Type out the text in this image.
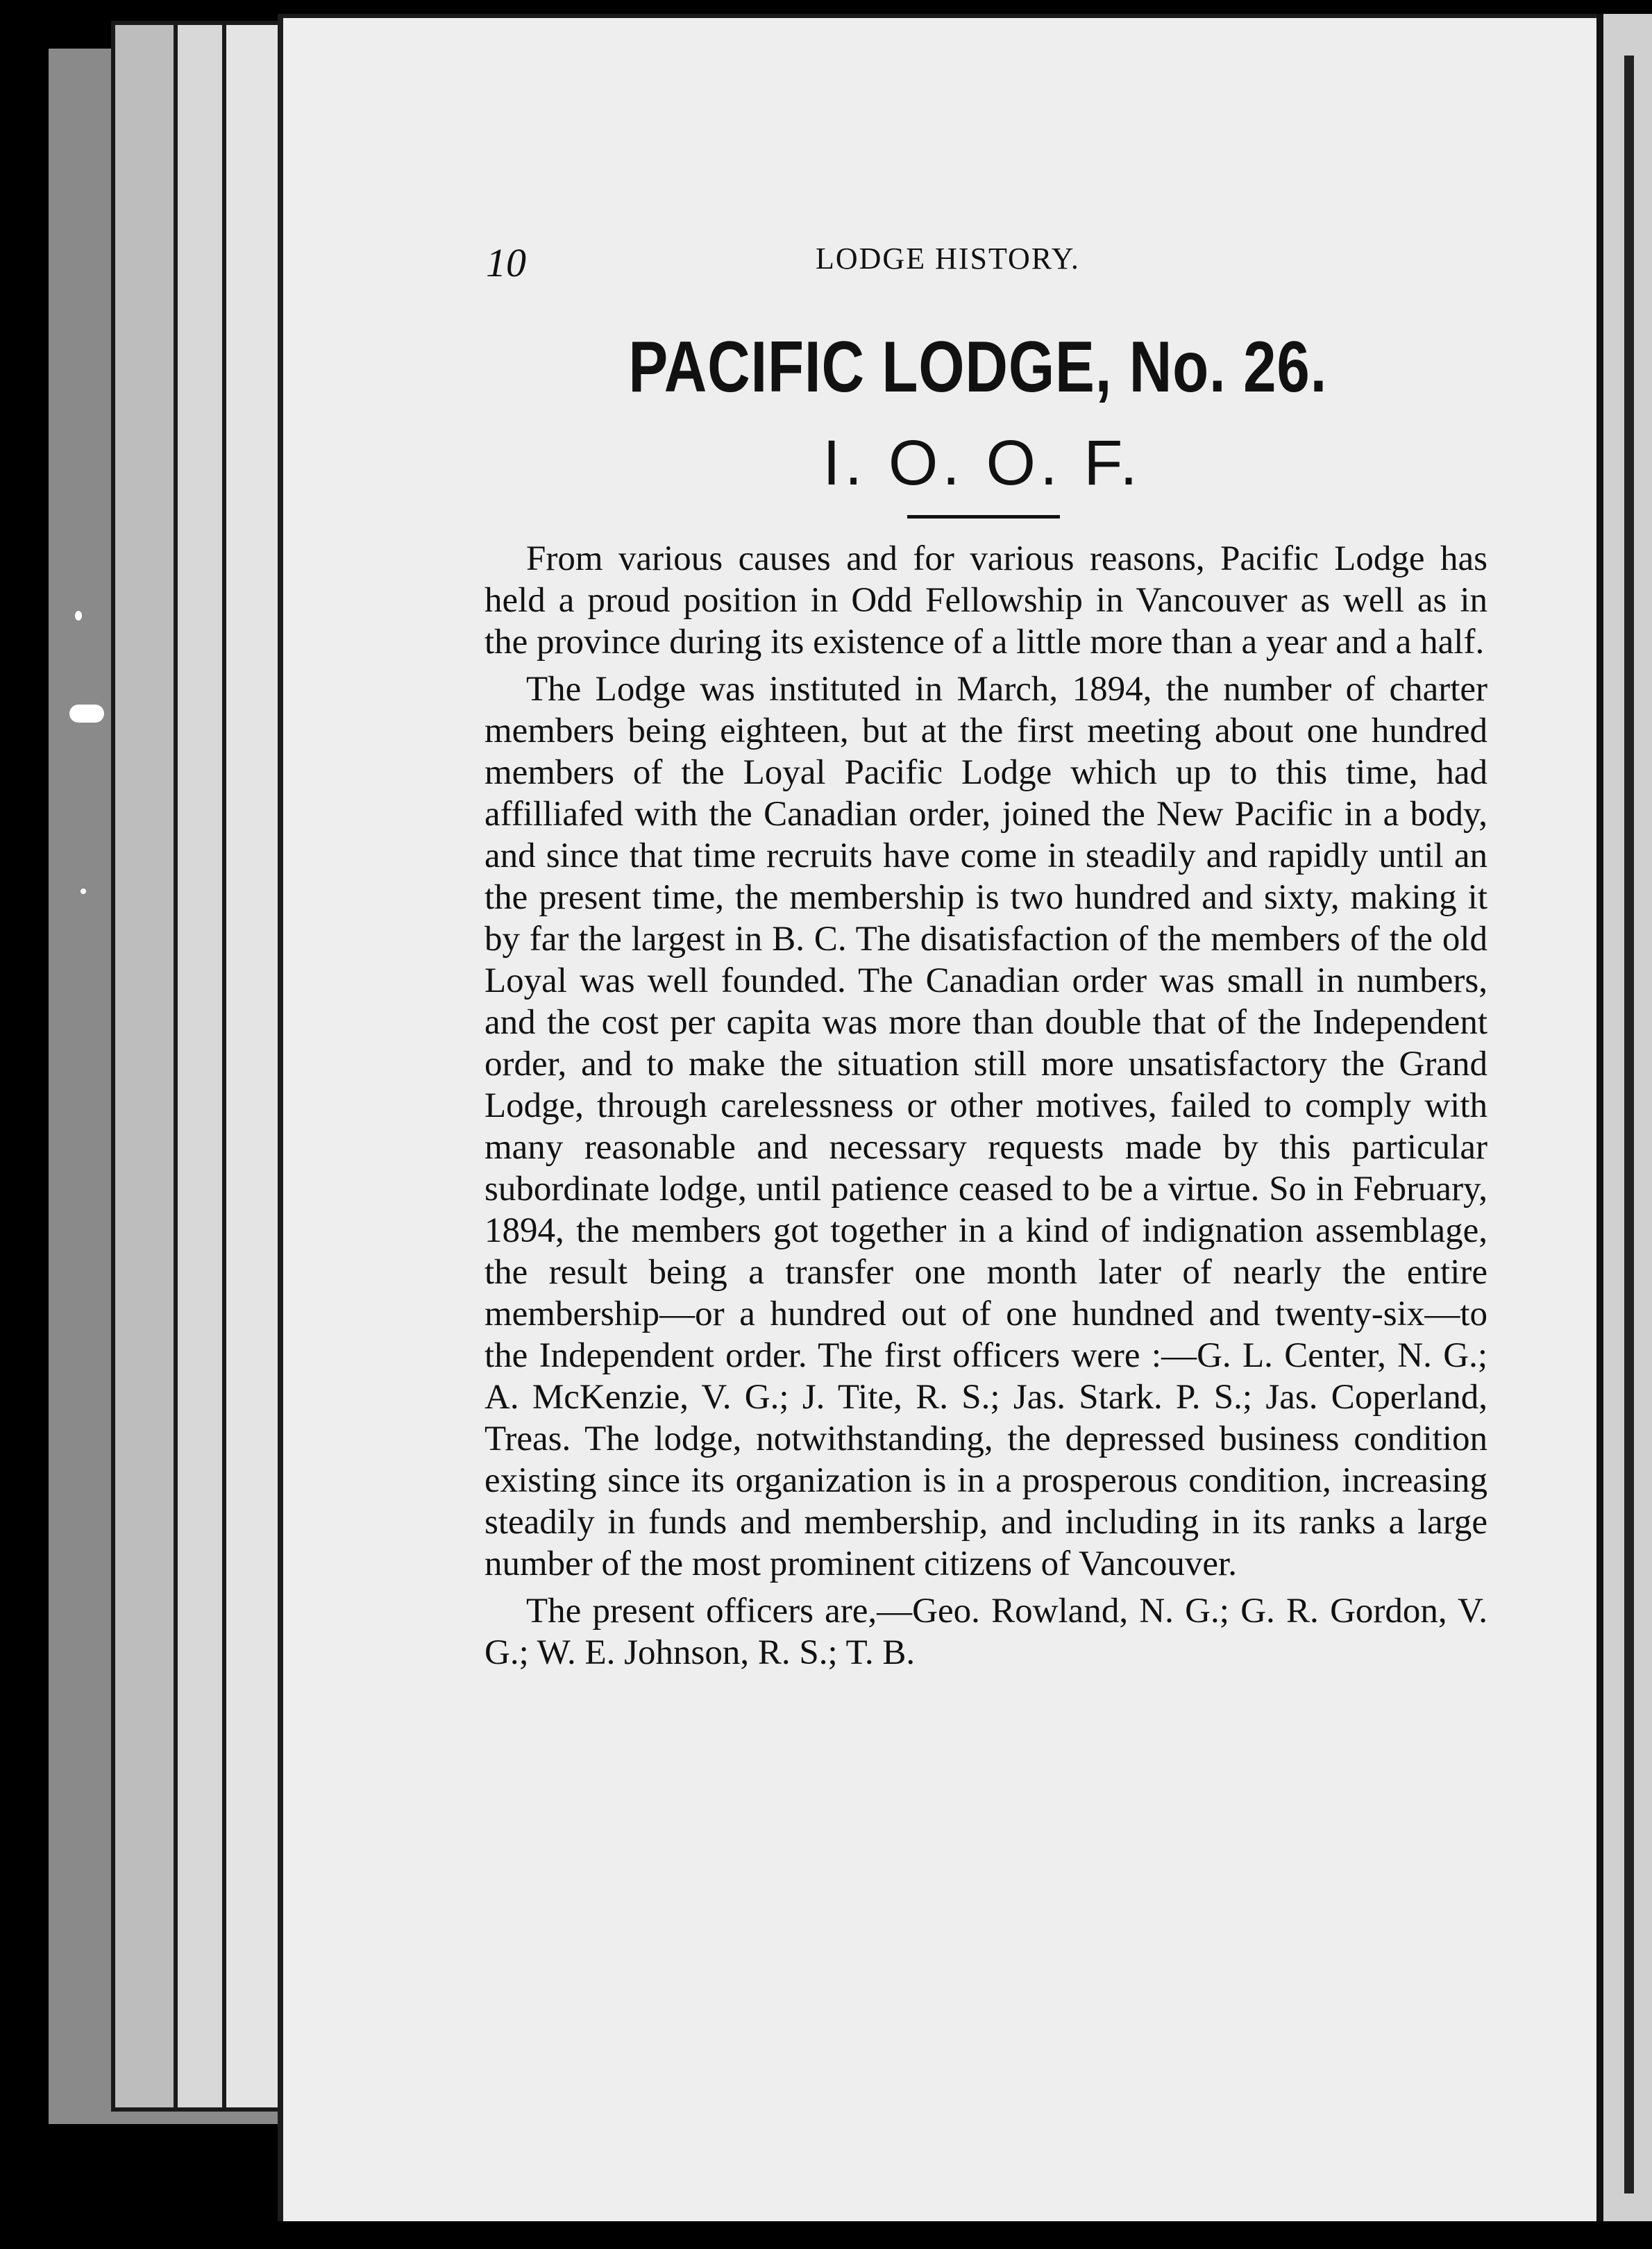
10	LODGE HISTORY.
PACIFIC LODGE, No. 26.
I. O. O. F.

From various causes and for various reasons, Pacific Lodge has held a proud position in Odd Fellowship in Vancouver as well as in the province during its existence of a little more than a year and a half.

The Lodge was instituted in March, 1894, the number of charter members being eighteen, but at the first meeting about one hundred members of the Loyal Pacific Lodge which up to this time, had affilliafed with the Canadian order, joined the New Pacific in a body, and since that time recruits have come in steadily and rapidly until an the present time, the membership is two hundred and sixty, making it by far the largest in B. C. The disatisfaction of the members of the old Loyal was well founded. The Canadian order was small in numbers, and the cost per capita was more than double that of the Independent order, and to make the situation still more unsatisfactory the Grand Lodge, through carelessness or other motives, failed to comply with many reasonable and necessary requests made by this particular subordinate lodge, until patience ceased to be a virtue. So in February, 1894, the members got together in a kind of indignation assemblage, the result being a transfer one month later of nearly the entire membership—or a hundred out of one hundned and twenty-six—to the Independent order. The first officers were :—G. L. Center, N. G.; A. McKenzie, V. G.; J. Tite, R. S.; Jas. Stark. P. S.; Jas. Coperland, Treas. The lodge, notwithstanding, the depressed business condition existing since its organization is in a prosperous condition, increasing steadily in funds and membership, and including in its ranks a large number of the most prominent citizens of Vancouver.

The present officers are,—Geo. Rowland, N. G.; G. R. Gordon, V. G.; W. E. Johnson, R. S.; T. B.
